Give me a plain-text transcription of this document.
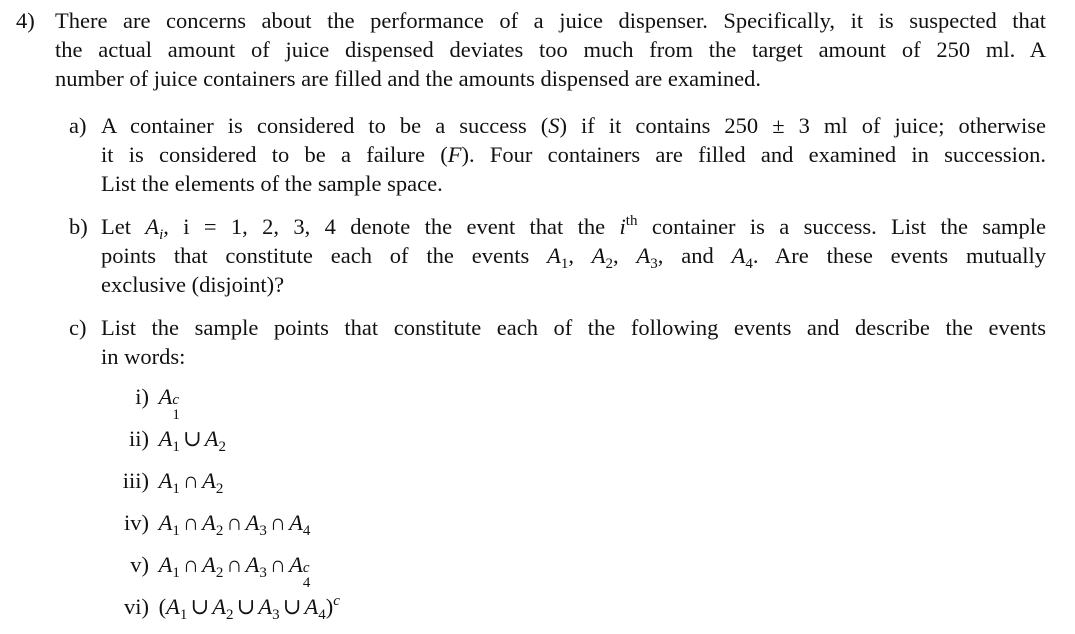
4) There are concerns about the performance of a juice dispenser. Specifically, it is suspected that
the actual amount of juice dispensed deviates too much from the target amount of 250 ml. A
number of juice containers are filled and the amounts dispensed are examined.
a) A container is considered to be a success (S) if it contains 250 ± 3 ml of juice; otherwise
it is considered to be a failure (F). Four containers are filled and examined in succession.
List the elements of the sample space.
b) Let $A_i$, i = 1, 2, 3, 4 denote the event that the $i^{th}$ container is a success. List the sample
points that constitute each of the events $A_1$, $A_2$, $A_3$, and $A_4$. Are these events mutually
exclusive (disjoint)?
c) List the sample points that constitute each of the following events and describe the events
in words:
i) A c
1
ii) $A_1$ ∪ $A_2$
iii) $A_1$ ∩ $A_2$
iv) $A_1$ ∩ $A_2$ ∩ $A_3$ ∩ $A_4$
v) $A_1$ ∩ $A_2$ ∩ $A_3$ ∩ A c
4
vi) ($A_1$ ∪ $A_2$ ∪ $A_3$ ∪ $A_4)^c$
